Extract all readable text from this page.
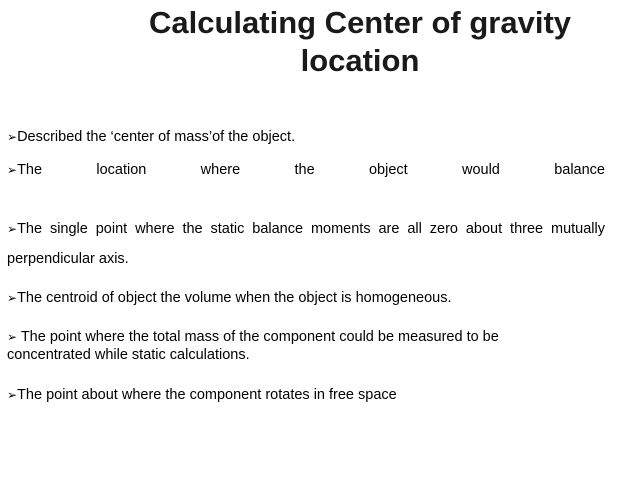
Calculating Center of gravity
location
➢Described the ‘center of mass’of the object.
➢The	location	where	the	object	would	balance
➢The single point where the static balance moments are all zero about three mutually perpendicular axis.
➢The centroid of object the volume when the object is homogeneous.
➢ The point where the total mass of the component could be measured to be concentrated while static calculations.
➢The point about where the component rotates in free space
